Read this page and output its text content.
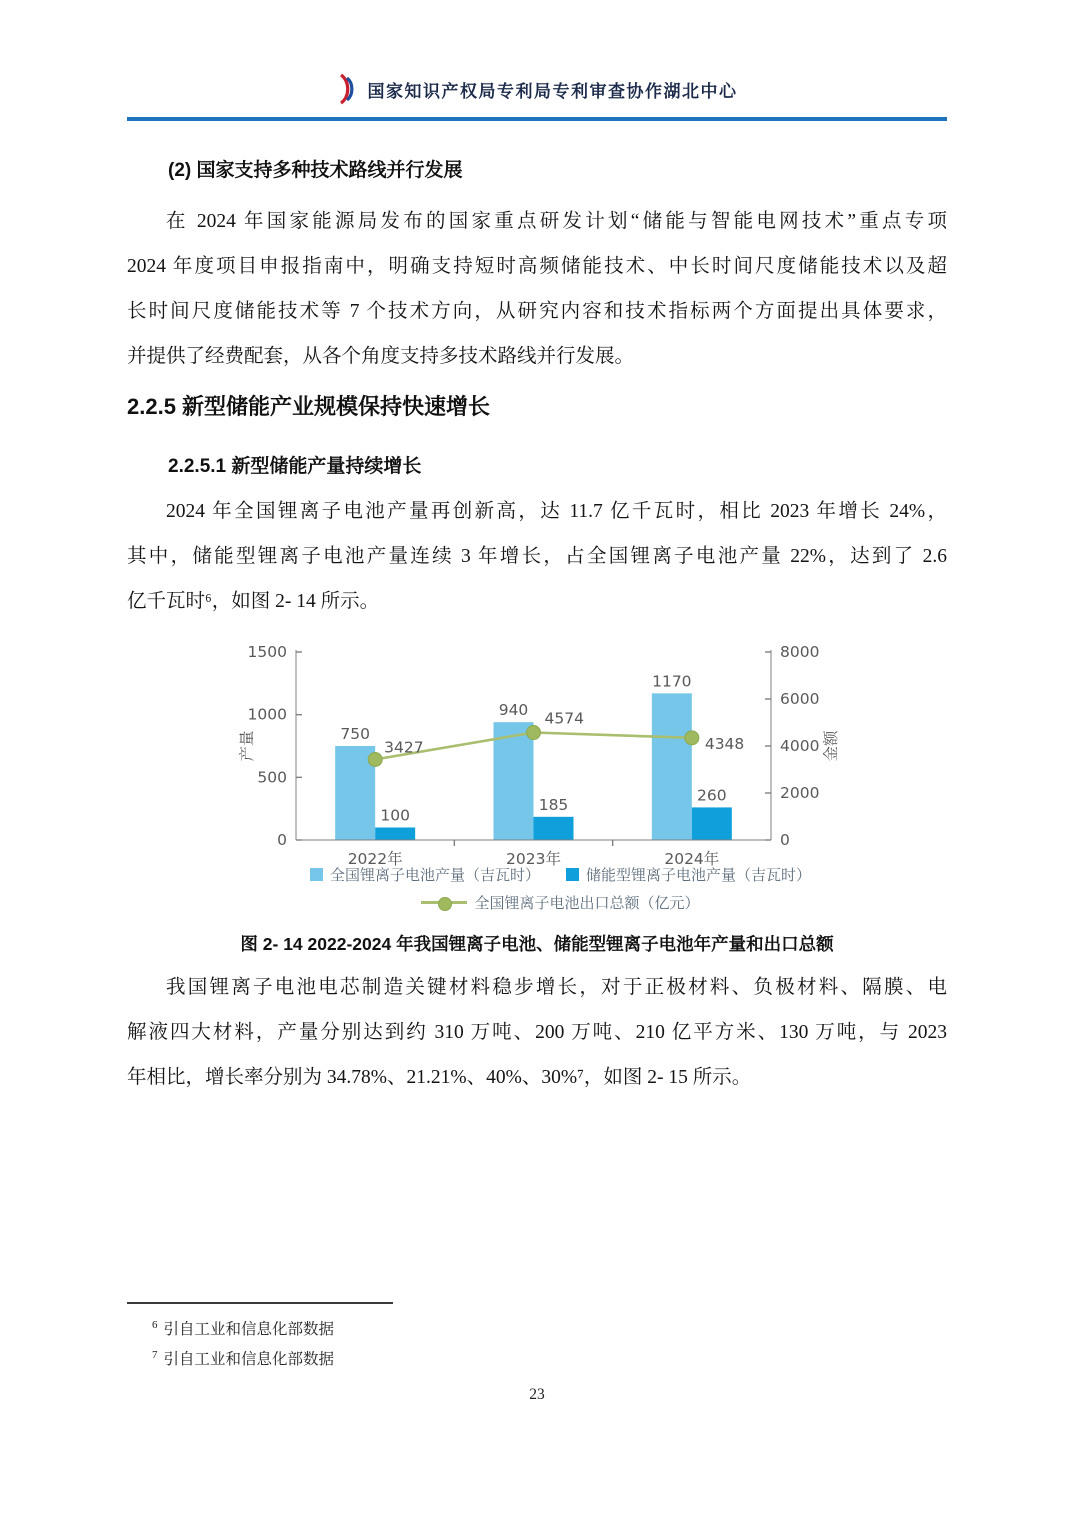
国家知识产权局专利局专利审查协作湖北中心
(2) 国家支持多种技术路线并行发展
在 2024 年国家能源局发布的国家重点研发计划“储能与智能电网技术”重点专项
2024 年度项目申报指南中，明确支持短时高频储能技术、中长时间尺度储能技术以及超
长时间尺度储能技术等 7 个技术方向，从研究内容和技术指标两个方面提出具体要求，
并提供了经费配套，从各个角度支持多技术路线并行发展。
2.2.5 新型储能产业规模保持快速增长
2.2.5.1 新型储能产量持续增长
2024 年全国锂离子电池产量再创新高，达 11.7 亿千瓦时，相比 2023 年增长 24%，
其中，储能型锂离子电池产量连续 3 年增长，占全国锂离子电池产量 22%，达到了 2.6
亿千瓦时⁶，如图 2- 14 所示。
750
940
1170
100
185
260
0
500
1000
1500
0
2000
4000
6000
8000
2022年	2023年	2024年
3427
4574
4348
产量	金额
全国锂离子电池产量（吉瓦时）	储能型锂离子电池产量（吉瓦时）
全国锂离子电池出口总额（亿元）
图 2- 14 2022-2024 年我国锂离子电池、储能型锂离子电池年产量和出口总额
我国锂离子电池电芯制造关键材料稳步增长，对于正极材料、负极材料、隔膜、电
解液四大材料，产量分别达到约 310 万吨、200 万吨、210 亿平方米、130 万吨，与 2023
年相比，增长率分别为 34.78%、21.21%、40%、30%⁷，如图 2- 15 所示。
$^6$ 引自工业和信息化部数据
$^7$ 引自工业和信息化部数据
23
